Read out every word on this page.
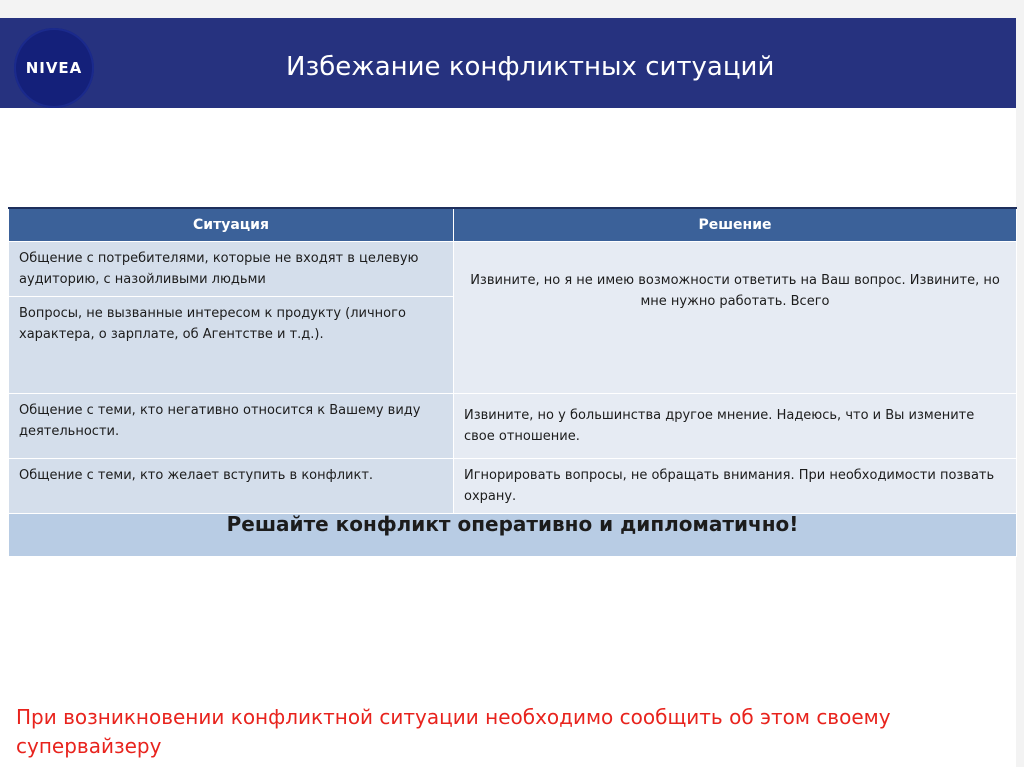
NIVEA	Избежание конфликтных ситуаций
Ситуация	Решение
Общение с потребителями, которые не входят в целевую аудиторию, с назойливыми людьми	Извините, но я не имею возможности ответить на Ваш вопрос. Извините, но мне нужно работать. Всего
Вопросы, не вызванные интересом к продукту (личного характера, о зарплате, об Агентстве и т.д.).	
Общение с теми, кто негативно относится к Вашему виду деятельности.	Извините, но у большинства другое мнение. Надеюсь, что и Вы измените свое отношение.
Общение с теми, кто желает вступить в конфликт.	Игнорировать вопросы, не обращать внимания. При необходимости позвать охрану.
Решайте конфликт оперативно и дипломатично!	
При возникновении конфликтной ситуации необходимо сообщить об этом своему супервайзеру
